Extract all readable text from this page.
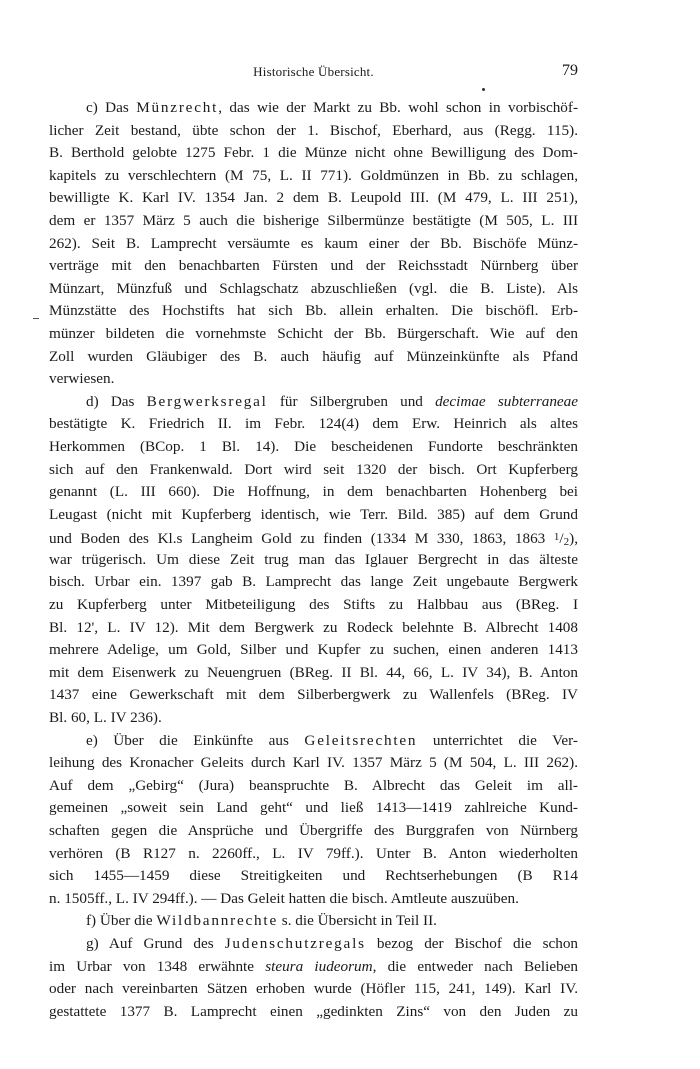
Historische Übersicht.	79
c) Das Münzrecht, das wie der Markt zu Bb. wohl schon in vorbischöf-
licher Zeit bestand, übte schon der 1. Bischof, Eberhard, aus (Regg. 115).
B. Berthold gelobte 1275 Febr. 1 die Münze nicht ohne Bewilligung des Dom-
kapitels zu verschlechtern (M 75, L. II 771). Goldmünzen in Bb. zu schlagen,
bewilligte K. Karl IV. 1354 Jan. 2 dem B. Leupold III. (M 479, L. III 251),
dem er 1357 März 5 auch die bisherige Silbermünze bestätigte (M 505, L. III
262). Seit B. Lamprecht versäumte es kaum einer der Bb. Bischöfe Münz-
verträge mit den benachbarten Fürsten und der Reichsstadt Nürnberg über
Münzart, Münzfuß und Schlagschatz abzuschließen (vgl. die B. Liste). Als
Münzstätte des Hochstifts hat sich Bb. allein erhalten. Die bischöfl. Erb-
münzer bildeten die vornehmste Schicht der Bb. Bürgerschaft. Wie auf den
Zoll wurden Gläubiger des B. auch häufig auf Münzeinkünfte als Pfand
verwiesen.
d) Das Bergwerksregal für Silbergruben und decimae subterraneae
bestätigte K. Friedrich II. im Febr. 124(4) dem Erw. Heinrich als altes
Herkommen (BCop. 1 Bl. 14). Die bescheidenen Fundorte beschränkten
sich auf den Frankenwald. Dort wird seit 1320 der bisch. Ort Kupferberg
genannt (L. III 660). Die Hoffnung, in dem benachbarten Hohenberg bei
Leugast (nicht mit Kupferberg identisch, wie Terr. Bild. 385) auf dem Grund
und Boden des Kl.s Langheim Gold zu finden (1334 M 330, 1863, 1863 $^1$/2),
war trügerisch. Um diese Zeit trug man das Iglauer Bergrecht in das älteste
bisch. Urbar ein. 1397 gab B. Lamprecht das lange Zeit ungebaute Bergwerk
zu Kupferberg unter Mitbeteiligung des Stifts zu Halbbau aus (BReg. I
Bl. 12', L. IV 12). Mit dem Bergwerk zu Rodeck belehnte B. Albrecht 1408
mehrere Adelige, um Gold, Silber und Kupfer zu suchen, einen anderen 1413
mit dem Eisenwerk zu Neuengruen (BReg. II Bl. 44, 66, L. IV 34), B. Anton
1437 eine Gewerkschaft mit dem Silberbergwerk zu Wallenfels (BReg. IV
Bl. 60, L. IV 236).
e) Über die Einkünfte aus Geleitsrechten unterrichtet die Ver-
leihung des Kronacher Geleits durch Karl IV. 1357 März 5 (M 504, L. III 262).
Auf dem „Gebirg“ (Jura) beanspruchte B. Albrecht das Geleit im all-
gemeinen „soweit sein Land geht“ und ließ 1413—1419 zahlreiche Kund-
schaften gegen die Ansprüche und Übergriffe des Burggrafen von Nürnberg
verhören (B R127 n. 2260ff., L. IV 79ff.). Unter B. Anton wiederholten
sich 1455—1459 diese Streitigkeiten und Rechtserhebungen (B R14
n. 1505ff., L. IV 294ff.). — Das Geleit hatten die bisch. Amtleute auszuüben.
f) Über die Wildbannrechte s. die Übersicht in Teil II.
g) Auf Grund des Judenschutzregals bezog der Bischof die schon
im Urbar von 1348 erwähnte steura iudeorum, die entweder nach Belieben
oder nach vereinbarten Sätzen erhoben wurde (Höfler 115, 241, 149). Karl IV.
gestattete 1377 B. Lamprecht einen „gedinkten Zins“ von den Juden zu
